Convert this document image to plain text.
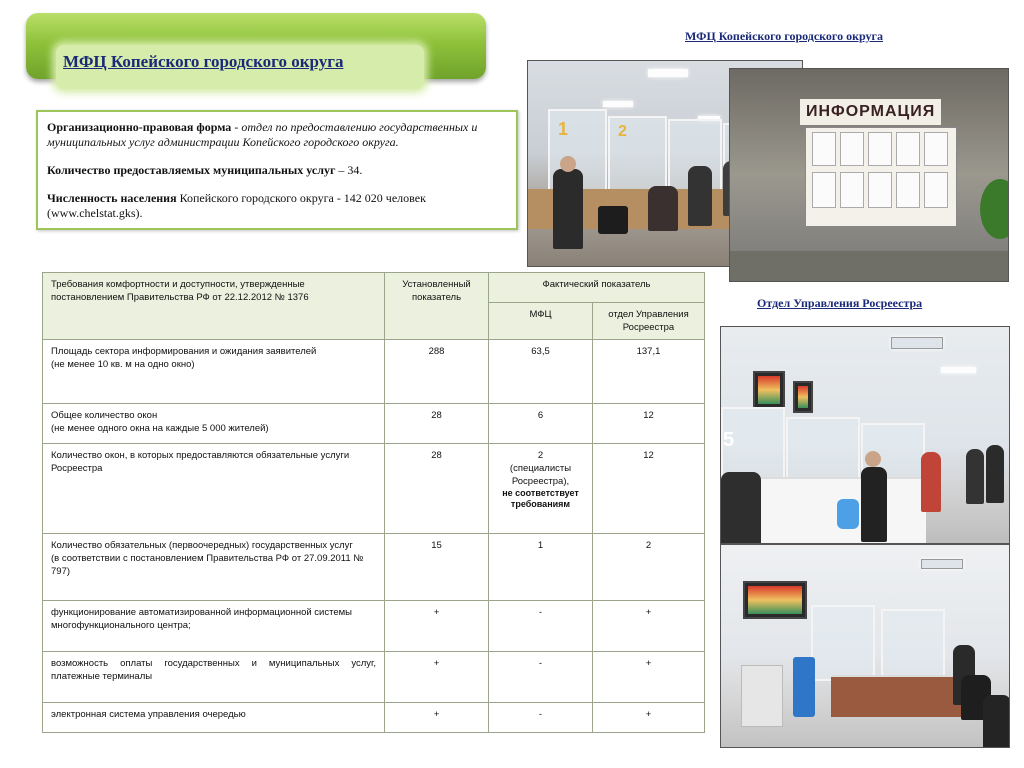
МФЦ Копейского городского округа

Организационно-правовая форма - отдел по предоставлению государственных и муниципальных услуг администрации Копейского городского округа.

Количество предоставляемых муниципальных услуг – 34.

Численность населения Копейского городского округа - 142 020 человек (www.chelstat.gks).

МФЦ Копейского городского округа
Отдел Управления Росреестра
1	2
ИНФОРМАЦИЯ
5
Требования комфортности и доступности, утвержденные постановлением Правительства РФ от 22.12.2012 № 1376	Установленный показатель	Фактический показатель	
		МФЦ	отдел Управления Росреестра

Площадь сектора информирования и ожидания заявителей
(не менее 10 кв. м на одно окно)	288	63,5	137,1

Общее количество окон
(не менее одного окна на каждые 5 000 жителей)	28	6	12
Количество окон, в которых предоставляются обязательные услуги Росреестра	28	2
(специалисты Росреестра),
не соответствует требованиям	12

Количество обязательных (первоочередных) государственных услуг
(в соответствии с постановлением Правительства РФ от 27.09.2011 № 797)	15	1	2
функционирование автоматизированной информационной системы многофункционального центра;	+	-	+
возможность оплаты государственных и муниципальных услуг, платежные терминалы	+	-	+
электронная система управления очередью	+	-	+
